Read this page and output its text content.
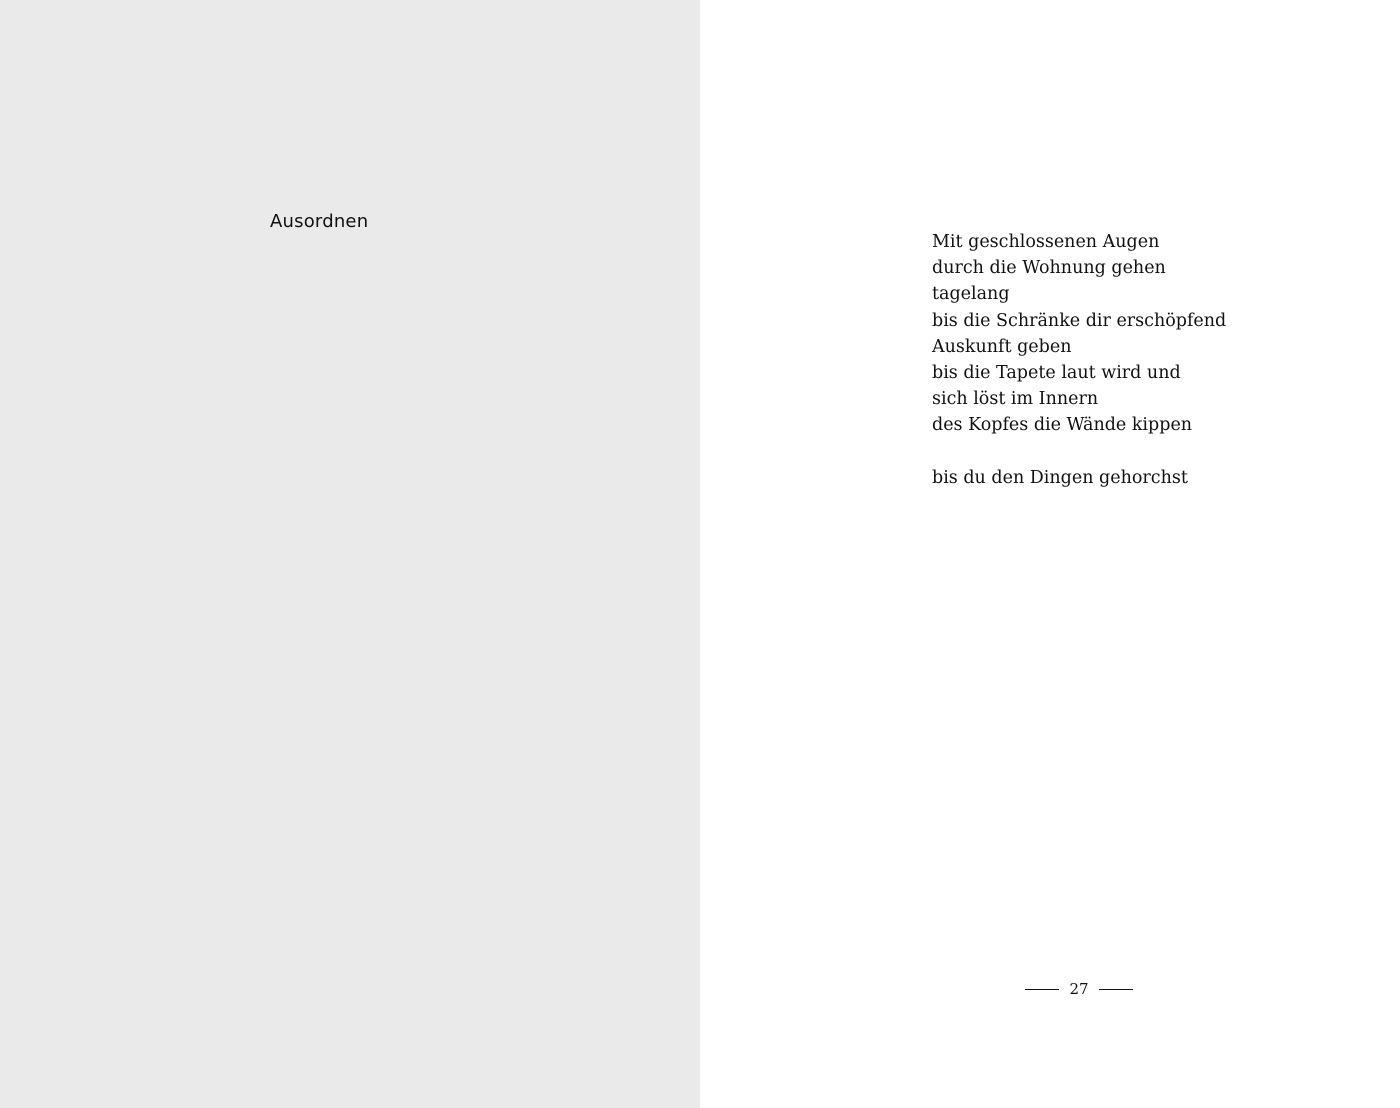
Ausordnen
Mit geschlossenen Augen
durch die Wohnung gehen
tagelang
bis die Schränke dir erschöpfend
Auskunft geben
bis die Tapete laut wird und
sich löst im Innern
des Kopfes die Wände kippen
bis du den Dingen gehorchst
27
